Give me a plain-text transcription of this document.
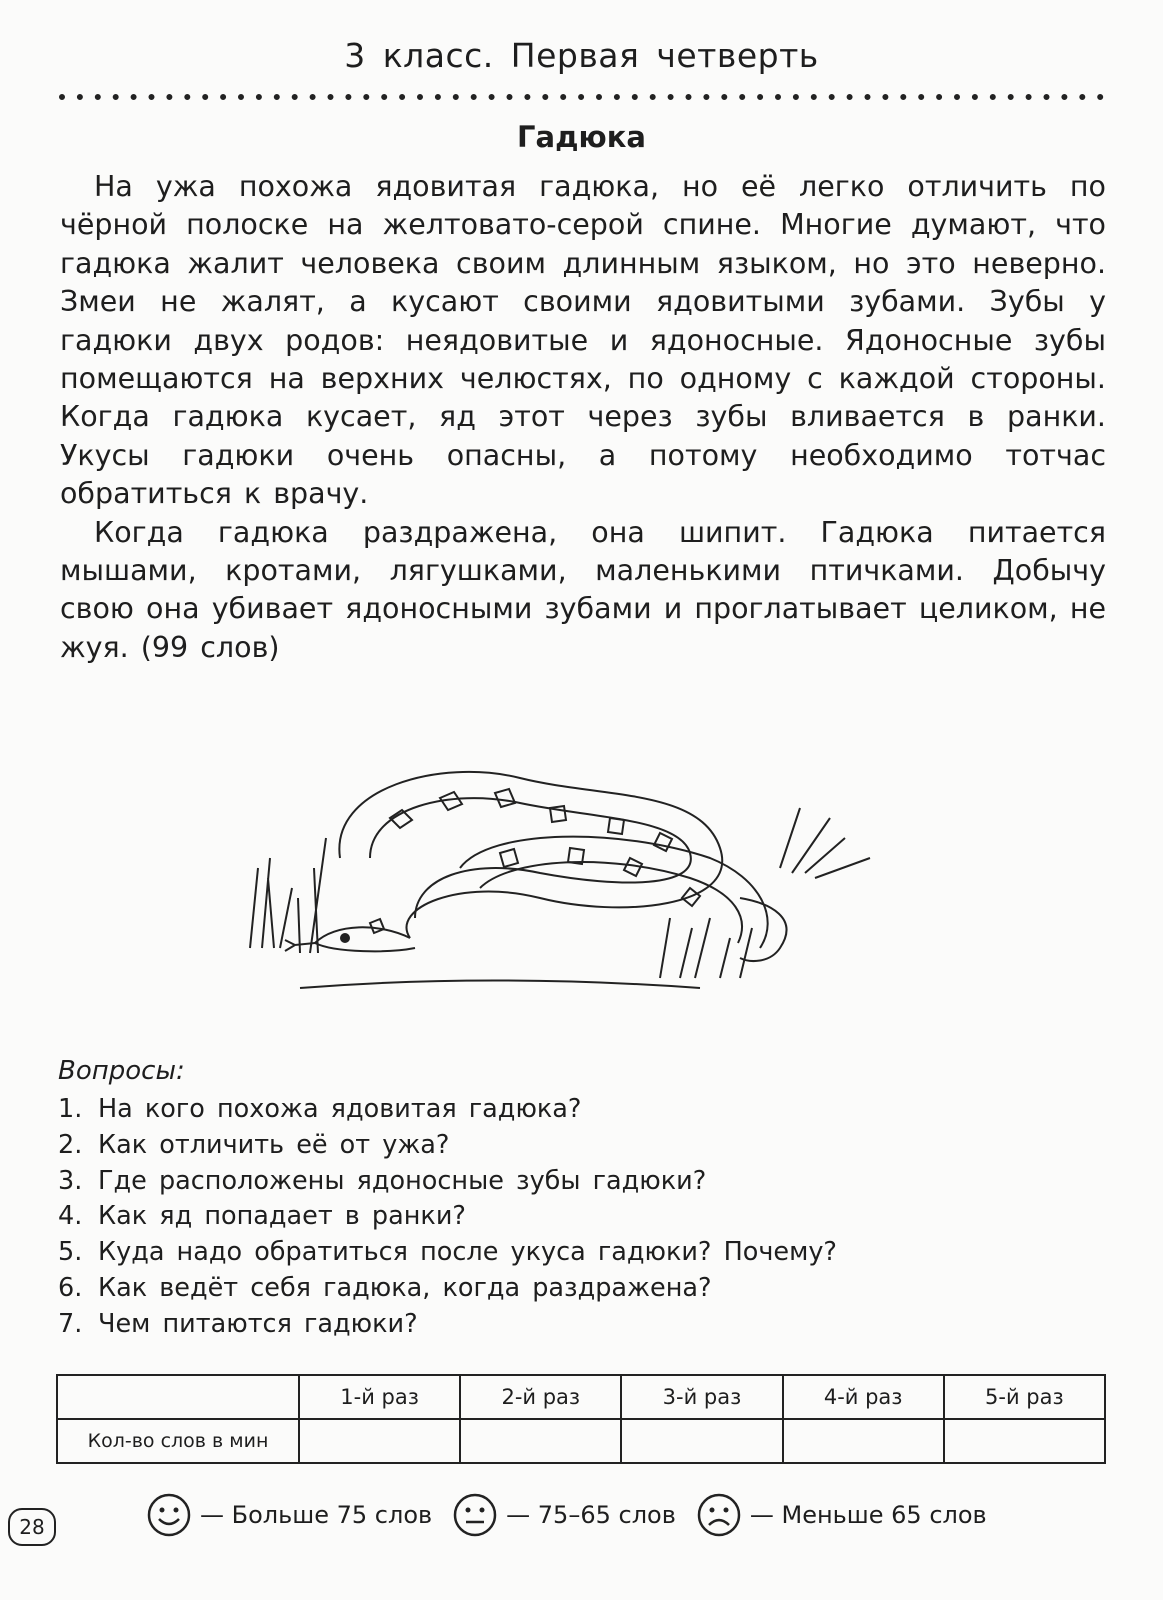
3 класс. Первая четверть
Гадюка

На ужа похожа ядовитая гадюка, но её легко отличить по чёрной полоске на желтовато-серой спине. Многие думают, что гадюка жалит человека своим длинным языком, но это неверно. Змеи не жалят, а кусают своими ядовитыми зубами. Зубы у гадюки двух родов: неядовитые и ядоносные. Ядоносные зубы помещаются на верхних челюстях, по одному с каждой стороны. Когда гадюка кусает, яд этот через зубы вливается в ранки. Укусы гадюки очень опасны, а потому необходимо тотчас обратиться к врачу.

Когда гадюка раздражена, она шипит. Гадюка питается мышами, кротами, лягушками, маленькими птичками. Добычу свою она убивает ядоносными зубами и проглатывает целиком, не жуя. (99 слов)

Вопросы:
1. На кого похожа ядовитая гадюка?
2. Как отличить её от ужа?
3. Где расположены ядоносные зубы гадюки?
4. Как яд попадает в ранки?
5. Куда надо обратиться после укуса гадюки? Почему?
6. Как ведёт себя гадюка, когда раздражена?
7. Чем питаются гадюки?
	1-й раз	2-й раз	3-й раз	4-й раз	5-й раз
Кол-во слов в мин					
— Больше 75 слов	— 75–65 слов	— Меньше 65 слов
28
